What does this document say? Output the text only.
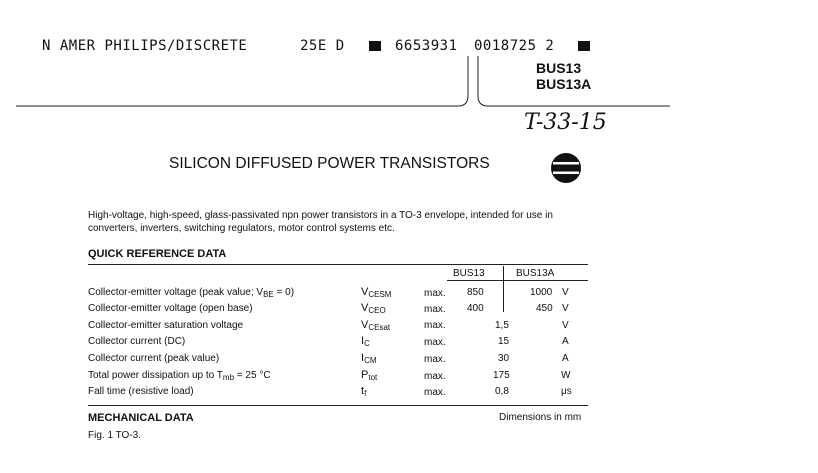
N AMER PHILIPS/DISCRETE	25E D	6653931 0018725 2
BUS13
BUS13A
T-33-15
SILICON DIFFUSED POWER TRANSISTORS
High-voltage, high-speed, glass-passivated npn power transistors in a TO-3 envelope, intended for use in converters, inverters, switching regulators, motor control systems etc.
QUICK REFERENCE DATA
BUS13	BUS13A
Collector-emitter voltage (peak value; $V_{BE} = 0$)	$V_{CESM}$	max. 850	1000 V
Collector-emitter voltage (open base)	$V_{CEO}$	max. 400	450 V
Collector-emitter saturation voltage	$V_{CEsat}$	max.	1,5	V
Collector current (DC)	$I_C$	max.	15	A
Collector current (peak value)	$I_{CM}$	max.	30	A
Total power dissipation up to $T_{mb} = 25$ °C	$P_{tot}$	max.	175	W
Fall time (resistive load)	$t_f$	max.	0,8	μs
MECHANICAL DATA	Dimensions in mm
Fig. 1 TO-3.
